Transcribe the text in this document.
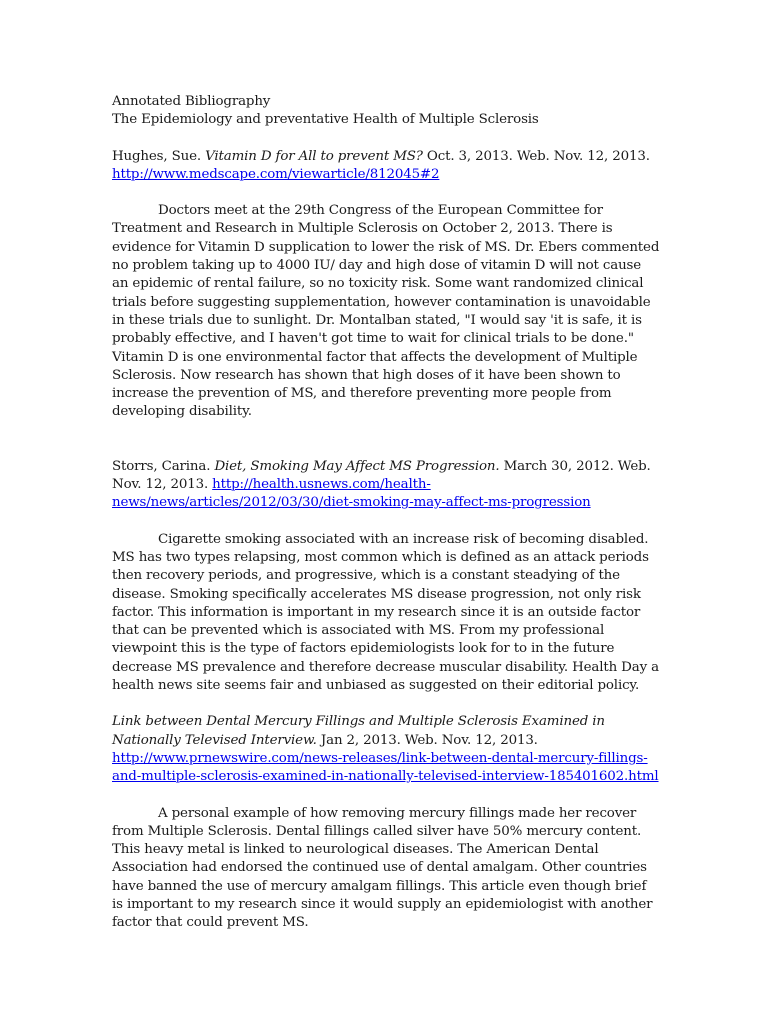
Annotated Bibliography

The Epidemiology and preventative Health of Multiple Sclerosis

Hughes, Sue. Vitamin D for All to prevent MS? Oct. 3, 2013. Web. Nov. 12, 2013.
http://www.medscape.com/viewarticle/812045#2

Doctors meet at the 29th Congress of the European Committee for Treatment and Research in Multiple Sclerosis on October 2, 2013. There is evidence for Vitamin D supplication to lower the risk of MS. Dr. Ebers commented no problem taking up to 4000 IU/ day and high dose of vitamin D will not cause an epidemic of rental failure, so no toxicity risk. Some want randomized clinical trials before suggesting supplementation, however contamination is unavoidable in these trials due to sunlight. Dr. Montalban stated, "I would say 'it is safe, it is probably effective, and I haven't got time to wait for clinical trials to be done." Vitamin D is one environmental factor that affects the development of Multiple Sclerosis. Now research has shown that high doses of it have been shown to increase the prevention of MS, and therefore preventing more people from developing disability.

Storrs, Carina. Diet, Smoking May Affect MS Progression. March 30, 2012. Web. Nov. 12, 2013. http://health.usnews.com/health-news/news/articles/2012/03/30/diet-smoking-may-affect-ms-progression

Cigarette smoking associated with an increase risk of becoming disabled. MS has two types relapsing, most common which is defined as an attack periods then recovery periods, and progressive, which is a constant steadying of the disease. Smoking specifically accelerates MS disease progression, not only risk factor. This information is important in my research since it is an outside factor that can be prevented which is associated with MS. From my professional viewpoint this is the type of factors epidemiologists look for to in the future decrease MS prevalence and therefore decrease muscular disability. Health Day a health news site seems fair and unbiased as suggested on their editorial policy.

Link between Dental Mercury Fillings and Multiple Sclerosis Examined in Nationally Televised Interview. Jan 2, 2013. Web. Nov. 12, 2013.
http://www.prnewswire.com/news-releases/link-between-dental-mercury-fillings-and-multiple-sclerosis-examined-in-nationally-televised-interview-185401602.html

A personal example of how removing mercury fillings made her recover from Multiple Sclerosis. Dental fillings called silver have 50% mercury content. This heavy metal is linked to neurological diseases. The American Dental Association had endorsed the continued use of dental amalgam. Other countries have banned the use of mercury amalgam fillings. This article even though brief is important to my research since it would supply an epidemiologist with another factor that could prevent MS.
